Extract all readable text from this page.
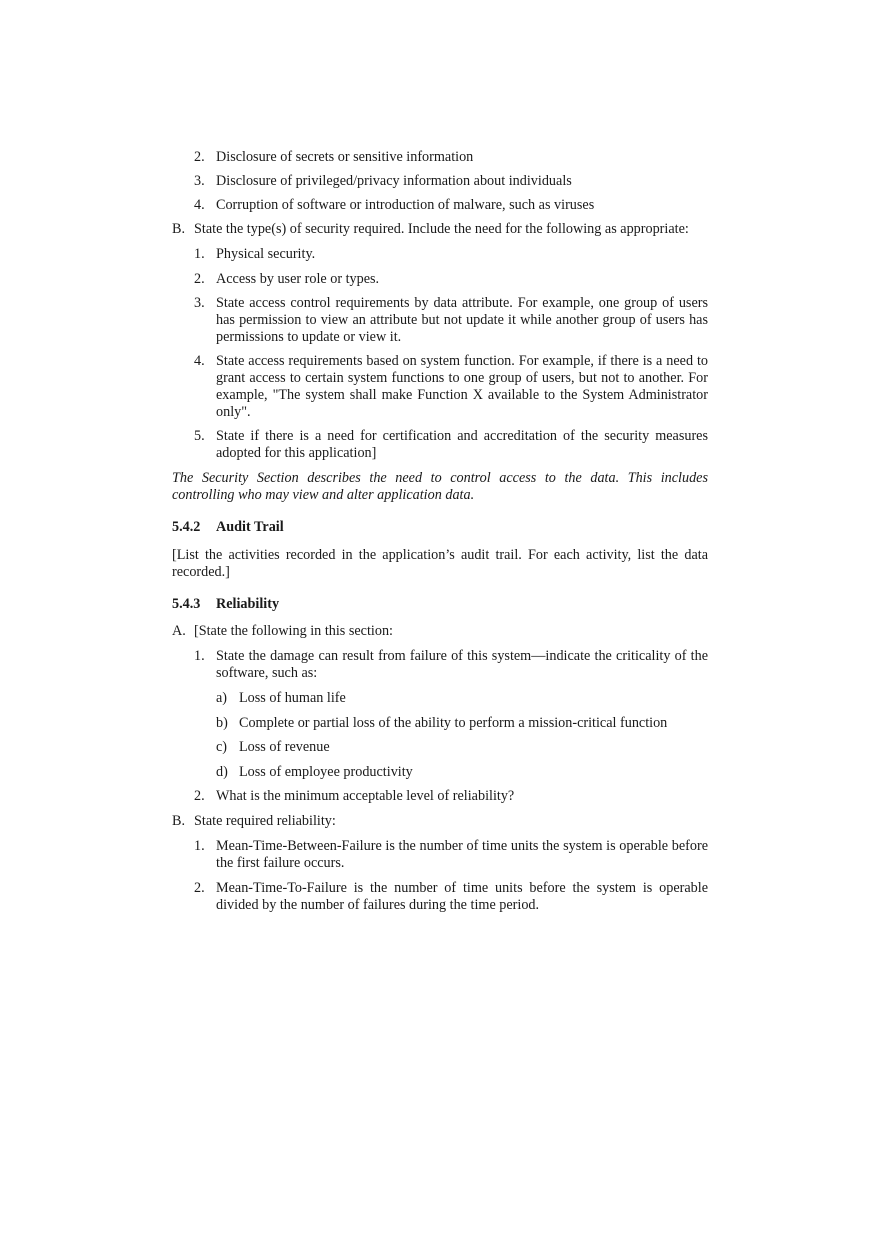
2. Disclosure of secrets or sensitive information
3. Disclosure of privileged/privacy information about individuals
4. Corruption of software or introduction of malware, such as viruses
B. State the type(s) of security required. Include the need for the following as appropriate:
1. Physical security.
2. Access by user role or types.
3. State access control requirements by data attribute. For example, one group of users has permission to view an attribute but not update it while another group of users has permissions to update or view it.
4. State access requirements based on system function. For example, if there is a need to grant access to certain system functions to one group of users, but not to another. For example, "The system shall make Function X available to the System Administrator only".
5. State if there is a need for certification and accreditation of the security measures adopted for this application]

The Security Section describes the need to control access to the data. This includes controlling who may view and alter application data.

5.4.2 Audit Trail

[List the activities recorded in the application’s audit trail. For each activity, list the data recorded.]

5.4.3 Reliability
A. [State the following in this section:
1. State the damage can result from failure of this system—indicate the criticality of the software, such as:
a) Loss of human life
b) Complete or partial loss of the ability to perform a mission-critical function
c) Loss of revenue
d) Loss of employee productivity
2. What is the minimum acceptable level of reliability?
B. State required reliability:
1. Mean-Time-Between-Failure is the number of time units the system is operable before the first failure occurs.
2. Mean-Time-To-Failure is the number of time units before the system is operable divided by the number of failures during the time period.
